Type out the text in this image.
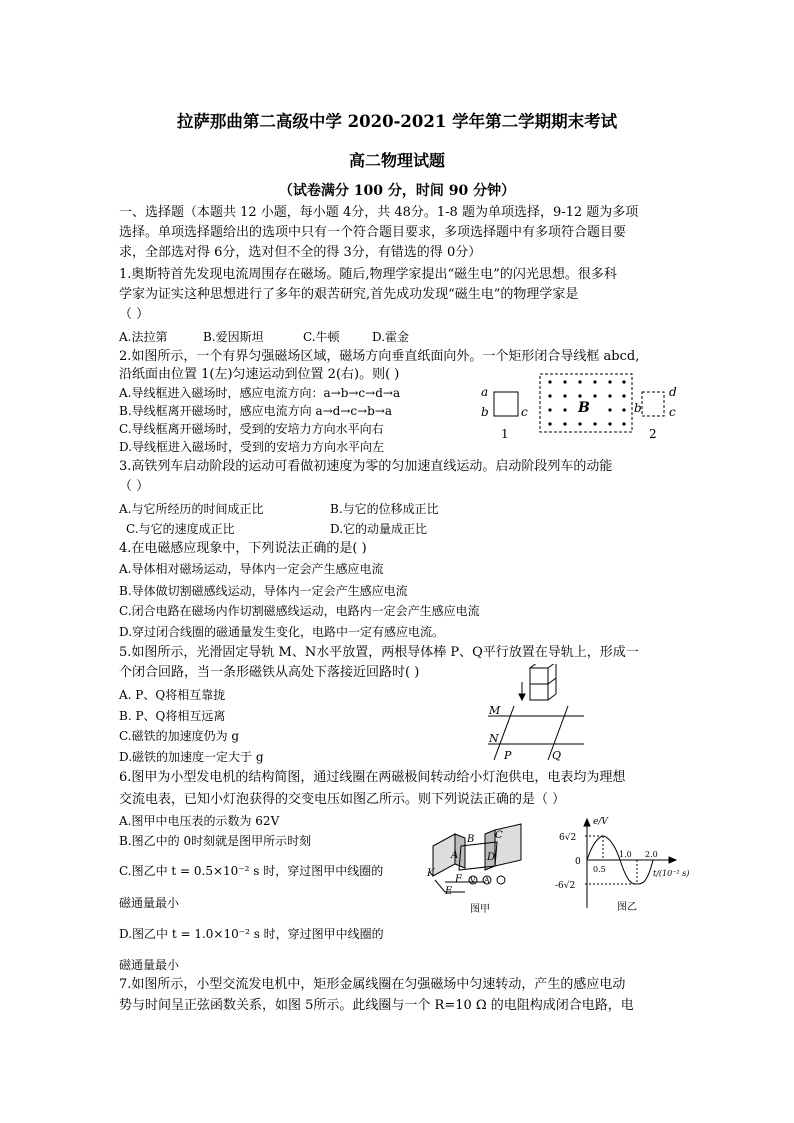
拉萨那曲第二高级中学 2020-2021 学年第二学期期末考试
高二物理试题
（试卷满分 100 分，时间 90 分钟）
一、选择题（本题共 12 小题，每小题 4分，共 48分。1-8 题为单项选择，9-12 题为多项
选择。单项选择题给出的选项中只有一个符合题目要求，多项选择题中有多项符合题目要
求，全部选对得 6分，选对但不全的得 3分，有错选的得 0分）
1.奥斯特首先发现电流周围存在磁场。随后,物理学家提出“磁生电”的闪光思想。很多科
学家为证实这种思想进行了多年的艰苦研究,首先成功发现“磁生电”的物理学家是
（ ）
A.法拉第	B.爱因斯坦	C.牛顿	D.霍金
2.如图所示，一个有界匀强磁场区域，磁场方向垂直纸面向外。一个矩形闭合导线框 abcd,
沿纸面由位置 1(左)匀速运动到位置 2(右)。则( )
A.导线框进入磁场时，感应电流方向：a→b→c→d→a
B.导线框离开磁场时，感应电流方向 a→d→c→b→a
C.导线框离开磁场时，受到的安培力方向水平向右
D.导线框进入磁场时，受到的安培力方向水平向左
a
b	c
1
B
d
c
b
2
3.高铁列车启动阶段的运动可看做初速度为零的匀加速直线运动。启动阶段列车的动能
（ ）
A.与它所经历的时间成正比	B.与它的位移成正比
C.与它的速度成正比	D.它的动量成正比
4.在电磁感应现象中，下列说法正确的是( )
A.导体相对磁场运动，导体内一定会产生感应电流
B.导体做切割磁感线运动，导体内一定会产生感应电流
C.闭合电路在磁场内作切割磁感线运动，电路内一定会产生感应电流
D.穿过闭合线圈的磁通量发生变化，电路中一定有感应电流。
5.如图所示，光滑固定导轨 M、N水平放置，两根导体棒 P、Q平行放置在导轨上，形成一
个闭合回路，当一条形磁铁从高处下落接近回路时( )
A. P、Q将相互靠拢
B. P、Q将相互远离
C.磁铁的加速度仍为 g
D.磁铁的加速度一定大于 g
M
N
P	Q
6.图甲为小型发电机的结构简图，通过线圈在两磁极间转动给小灯泡供电，电表均为理想
交流电表，已知小灯泡获得的交变电压如图乙所示。则下列说法正确的是（ ）
A.图甲中电压表的示数为 62V
B.图乙中的 0时刻就是图甲所示时刻
C.图乙中 t = 0.5×10⁻² s 时，穿过图甲中线圈的
磁通量最小
D.图乙中 t = 1.0×10⁻² s 时，穿过图甲中线圈的
磁通量最小
B C
A	D
K
F
E
V A
图甲
e/V
6√2
0
-6√2
0.5
1.0 2.0
t/(10⁻² s)
图乙
7.如图所示，小型交流发电机中，矩形金属线圈在匀强磁场中匀速转动，产生的感应电动
势与时间呈正弦函数关系，如图 5所示。此线圈与一个 R=10 Ω 的电阻构成闭合电路，电
